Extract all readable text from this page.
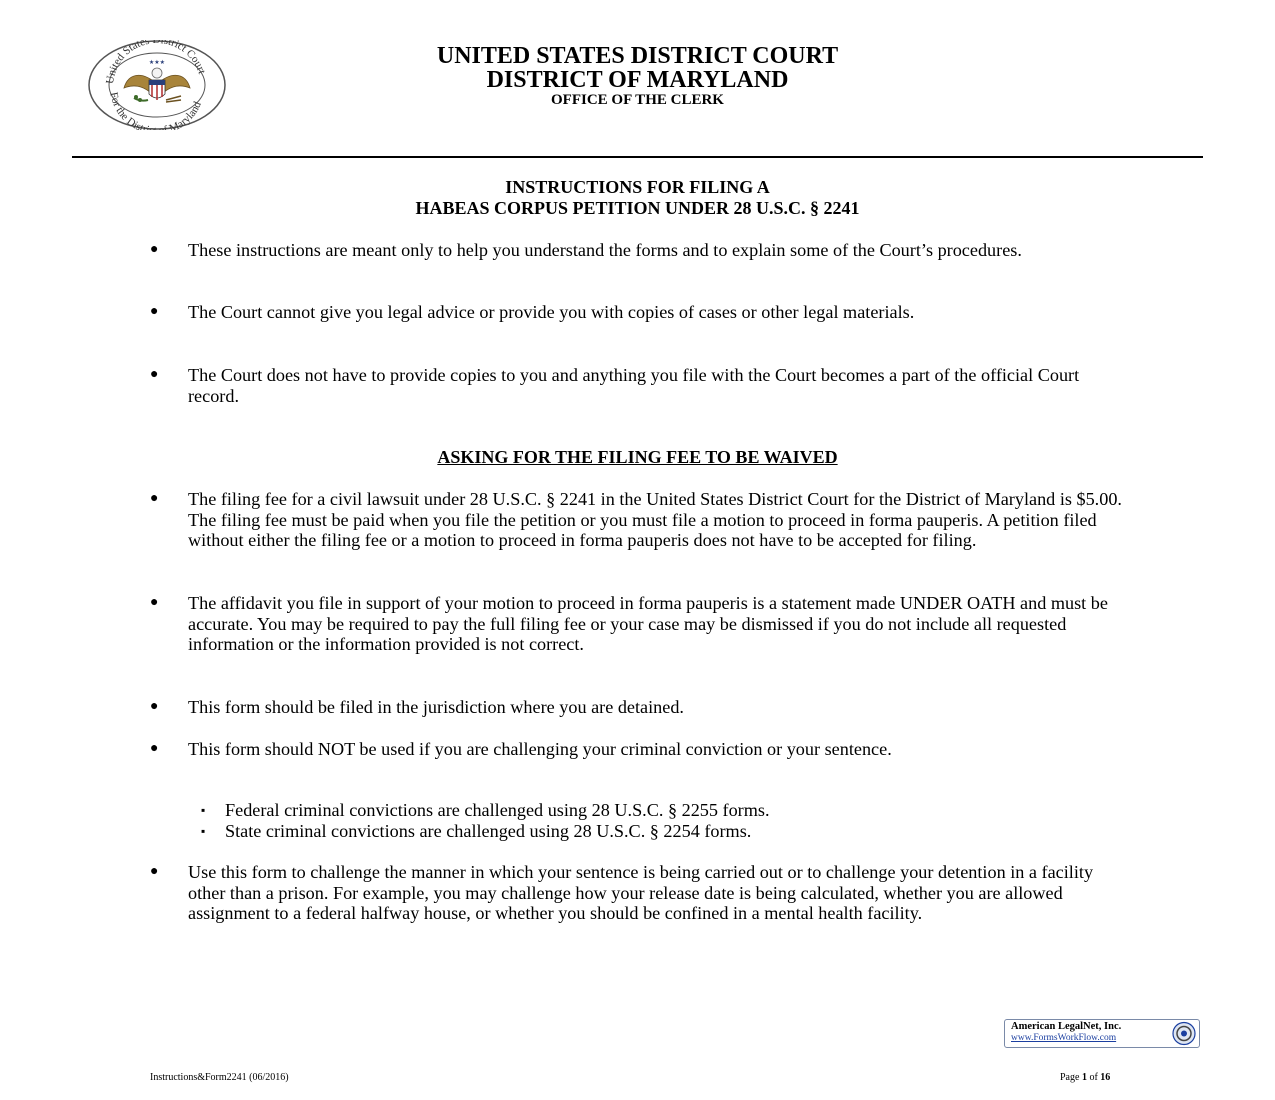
United States District Court
For the Distr Maryland
★★★	UNITED STATES DISTRICT COURT
DISTRICT OF MARYLAND
OFFICE OF THE CLERK
INSTRUCTIONS FOR FILING A
HABEAS CORPUS PETITION UNDER 28 U.S.C. § 2241
● These instructions are meant only to help you understand the forms and to explain some of the Court’s procedures.
● The Court cannot give you legal advice or provide you with copies of cases or other legal materials.
● The Court does not have to provide copies to you and anything you file with the Court becomes a part of the official Court record.
ASKING FOR THE FILING FEE TO BE WAIVED
● The filing fee for a civil lawsuit under 28 U.S.C. § 2241 in the United States District Court for the District of Maryland is $5.00. The filing fee must be paid when you file the petition or you must file a motion to proceed in forma pauperis. A petition filed without either the filing fee or a motion to proceed in forma pauperis does not have to be accepted for filing.
● The affidavit you file in support of your motion to proceed in forma pauperis is a statement made UNDER OATH and must be accurate. You may be required to pay the full filing fee or your case may be dismissed if you do not include all requested information or the information provided is not correct.
● This form should be filed in the jurisdiction where you are detained.
● This form should NOT be used if you are challenging your criminal conviction or your sentence.
▪ Federal criminal convictions are challenged using 28 U.S.C. § 2255 forms.
▪ State criminal convictions are challenged using 28 U.S.C. § 2254 forms.
● Use this form to challenge the manner in which your sentence is being carried out or to challenge your detention in a facility other than a prison. For example, you may challenge how your release date is being calculated, whether you are allowed assignment to a federal halfway house, or whether you should be confined in a mental health facility.
American LegalNet, Inc.
www.FormsWorkFlow.com
Instructions&Form2241 (06/2016)	Page 1 of 16
